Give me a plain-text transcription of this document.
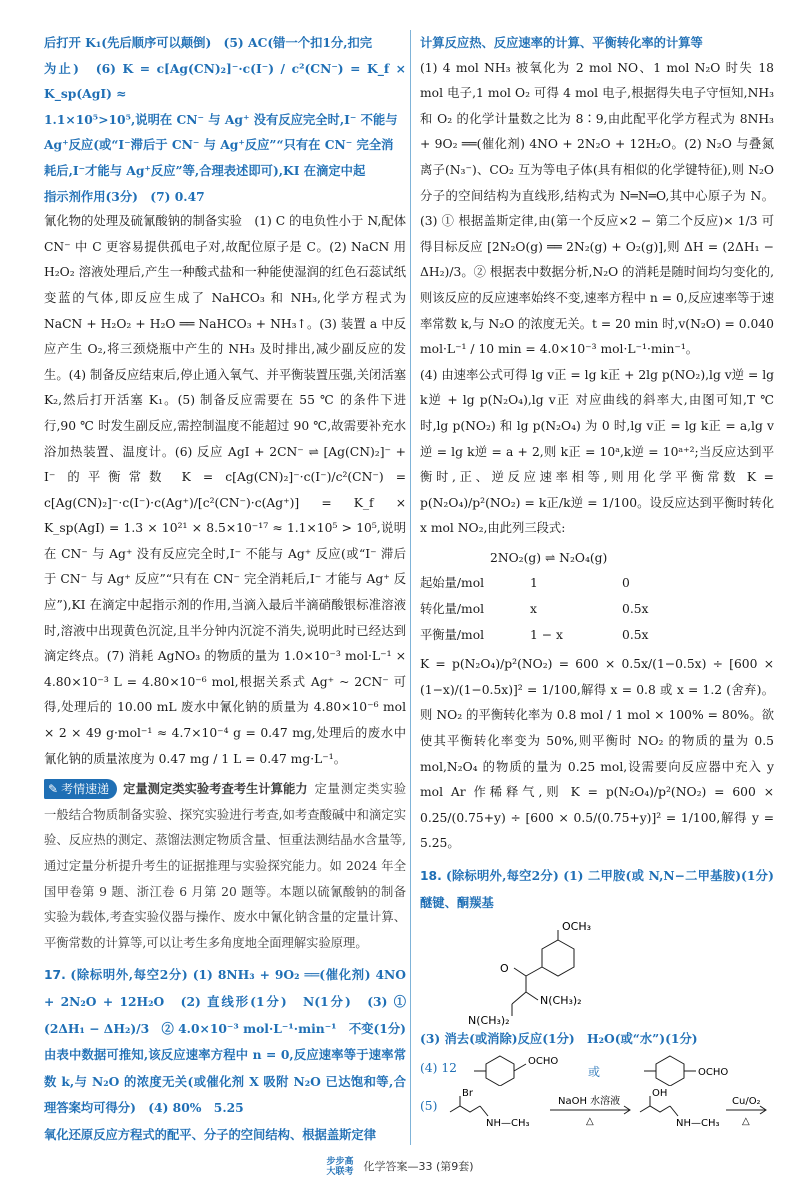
后打开 K₁(先后顺序可以颠倒)　(5) AC(错一个扣1分,扣完

为止)　(6) K = c[Ag(CN)₂]⁻·c(I⁻) / c²(CN⁻) = K_f × K_sp(AgI) ≈

1.1×10⁵>10⁵,说明在 CN⁻ 与 Ag⁺ 没有反应完全时,I⁻ 不能与

Ag⁺反应(或“I⁻滞后于 CN⁻ 与 Ag⁺反应”“只有在 CN⁻ 完全消

耗后,I⁻才能与 Ag⁺反应”等,合理表述即可),KI 在滴定中起

指示剂作用(3分)　(7) 0.47

氰化物的处理及硫氰酸钠的制备实验　(1) C 的电负性小于 N,配体 CN⁻ 中 C 更容易提供孤电子对,故配位原子是 C。(2) NaCN 用 H₂O₂ 溶液处理后,产生一种酸式盐和一种能使湿润的红色石蕊试纸变蓝的气体,即反应生成了 NaHCO₃ 和 NH₃,化学方程式为 NaCN + H₂O₂ + H₂O ══ NaHCO₃ + NH₃↑。(3) 装置 a 中反应产生 O₂,将三颈烧瓶中产生的 NH₃ 及时排出,减少副反应的发生。(4) 制备反应结束后,停止通入氧气、并平衡装置压强,关闭活塞 K₂,然后打开活塞 K₁。(5) 制备反应需要在 55 ℃ 的条件下进行,90 ℃ 时发生副反应,需控制温度不能超过 90 ℃,故需要补充水浴加热装置、温度计。(6) 反应 AgI + 2CN⁻ ⇌ [Ag(CN)₂]⁻ + I⁻ 的平衡常数 K = c[Ag(CN)₂]⁻·c(I⁻)/c²(CN⁻) = c[Ag(CN)₂]⁻·c(I⁻)·c(Ag⁺)/[c²(CN⁻)·c(Ag⁺)] = K_f × K_sp(AgI) = 1.3 × 10²¹ × 8.5×10⁻¹⁷ ≈ 1.1×10⁵ > 10⁵,说明在 CN⁻ 与 Ag⁺ 没有反应完全时,I⁻ 不能与 Ag⁺ 反应(或“I⁻ 滞后于 CN⁻ 与 Ag⁺ 反应”“只有在 CN⁻ 完全消耗后,I⁻ 才能与 Ag⁺ 反应”),KI 在滴定中起指示剂的作用,当滴入最后半滴硝酸银标准溶液时,溶液中出现黄色沉淀,且半分钟内沉淀不消失,说明此时已经达到滴定终点。(7) 消耗 AgNO₃ 的物质的量为 1.0×10⁻³ mol·L⁻¹ × 4.80×10⁻³ L = 4.80×10⁻⁶ mol,根据关系式 Ag⁺ ~ 2CN⁻ 可得,处理后的 10.00 mL 废水中氰化钠的质量为 4.80×10⁻⁶ mol × 2 × 49 g·mol⁻¹ ≈ 4.7×10⁻⁴ g = 0.47 mg,处理后的废水中氰化钠的质量浓度为 0.47 mg / 1 L = 0.47 mg·L⁻¹。

✎ 考情速递 定量测定类实验考查考生计算能力 定量测定类实验一般结合物质制备实验、探究实验进行考查,如考查酸碱中和滴定实验、反应热的测定、蒸馏法测定物质含量、恒重法测结晶水含量等,通过定量分析提升考生的证据推理与实验探究能力。如 2024 年全国甲卷第 9 题、浙江卷 6 月第 20 题等。本题以硫氰酸钠的制备实验为载体,考查实验仪器与操作、废水中氰化钠含量的定量计算、平衡常数的计算等,可以让考生多角度地全面理解实验原理。

17. (除标明外,每空2分) (1) 8NH₃ + 9O₂ ══(催化剂) 4NO + 2N₂O + 12H₂O　(2) 直线形(1分)　N(1分)　(3) ① (2ΔH₁ − ΔH₂)/3　② 4.0×10⁻³ mol·L⁻¹·min⁻¹　不变(1分)　由表中数据可推知,该反应速率方程中 n = 0,反应速率等于速率常数 k,与 N₂O 的浓度无关(或催化剂 X 吸附 N₂O 已达饱和等,合理答案均可得分)　(4) 80%　5.25

氧化还原反应方程式的配平、分子的空间结构、根据盖斯定律

计算反应热、反应速率的计算、平衡转化率的计算等

(1) 4 mol NH₃ 被氧化为 2 mol NO、1 mol N₂O 时失 18 mol 电子,1 mol O₂ 可得 4 mol 电子,根据得失电子守恒知,NH₃ 和 O₂ 的化学计量数之比为 8∶9,由此配平化学方程式为 8NH₃ + 9O₂ ══(催化剂) 4NO + 2N₂O + 12H₂O。(2) N₂O 与叠氮离子(N₃⁻)、CO₂ 互为等电子体(具有相似的化学键特征),则 N₂O 分子的空间结构为直线形,结构式为 N═N═O,其中心原子为 N。(3) ① 根据盖斯定律,由(第一个反应×2 − 第二个反应)× 1/3 可得目标反应 [2N₂O(g) ══ 2N₂(g) + O₂(g)],则 ΔH = (2ΔH₁ − ΔH₂)/3。② 根据表中数据分析,N₂O 的消耗是随时间均匀变化的,则该反应的反应速率始终不变,速率方程中 n = 0,反应速率等于速率常数 k,与 N₂O 的浓度无关。t = 20 min 时,v(N₂O) = 0.040 mol·L⁻¹ / 10 min = 4.0×10⁻³ mol·L⁻¹·min⁻¹。

(4) 由速率公式可得 lg v正 = lg k正 + 2lg p(NO₂),lg v逆 = lg k逆 + lg p(N₂O₄),lg v正 对应曲线的斜率大,由图可知,T ℃ 时,lg p(NO₂) 和 lg p(N₂O₄) 为 0 时,lg v正 = lg k正 = a,lg v逆 = lg k逆 = a + 2,则 k正 = 10ᵃ,k逆 = 10ᵃ⁺²;当反应达到平衡时,正、逆反应速率相等,则用化学平衡常数 K = p(N₂O₄)/p²(NO₂) = k正/k逆 = 1/100。设反应达到平衡时转化 x mol NO₂,由此列三段式:

2NO₂(g) ⇌ N₂O₄(g)
起始量/mol	1	0
转化量/mol	x	0.5x
平衡量/mol	1 − x	0.5x

K = p(N₂O₄)/p²(NO₂) = 600 × 0.5x/(1−0.5x) ÷ [600 × (1−x)/(1−0.5x)]² = 1/100,解得 x = 0.8 或 x = 1.2 (舍弃)。则 NO₂ 的平衡转化率为 0.8 mol / 1 mol × 100% = 80%。欲使其平衡转化率变为 50%,则平衡时 NO₂ 的物质的量为 0.5 mol,N₂O₄ 的物质的量为 0.25 mol,设需要向反应器中充入 y mol Ar 作稀释气,则 K = p(N₂O₄)/p²(NO₂) = 600 × 0.25/(0.75+y) ÷ [600 × 0.5/(0.75+y)]² = 1/100,解得 y = 5.25。

18. (除标明外,每空2分) (1) 二甲胺(或 N,N−二甲基胺)(1分)　醚键、酮羰基

OCH₃
O
N(CH₃)₂
N(CH₃)₂

(3) 消去(或消除)反应(1分)　H₂O(或“水”)(1分)

(4) 12	OCHO
或	OCHO
(5)
Br
NH—CH₃
NaOH 水溶液
△
OH
NH—CH₃
Cu/O₂
△
步步高
大联考 化学答案—33 (第9套)
